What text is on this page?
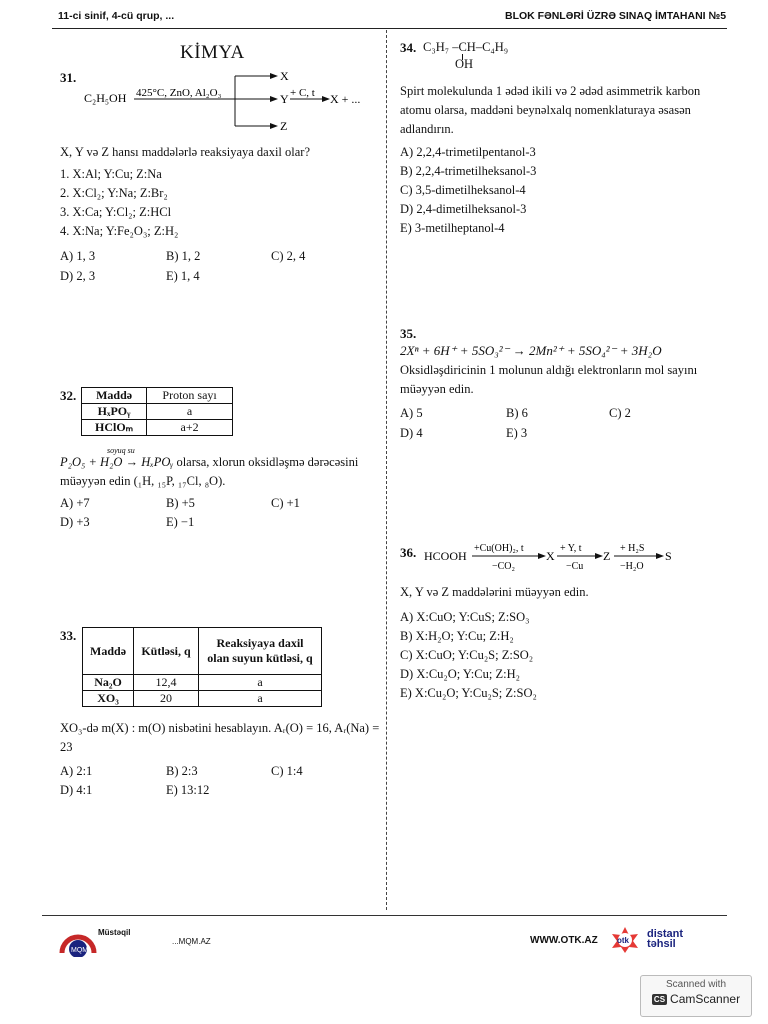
11-ci sinif, 4-cü qrup, ...	BLOK FƏNLƏRİ ÜZRƏ SINAQ İMTAHANI №5
KİMYA
31.
C₂H₅OH 425°C, ZnO, Al₂O₃
X
Y
Z
+ C, t X + ...
X, Y və Z hansı maddələrlə reaksiyaya daxil olar?
1. X:Al; Y:Cu; Z:Na
2. X:Cl₂; Y:Na; Z:Br₂
3. X:Ca; Y:Cl₂; Z:HCl
4. X:Na; Y:Fe₂O₃; Z:H₂
A) 1, 3	B) 1, 2	C) 2, 4
D) 2, 3	E) 1, 4
32. Maddə	Proton sayı
HₓPOᵧ	a
HClOₘ	a+2
soyuq su
P₂O₅ + H₂O → HₓPOᵧ olarsa, xlorun oksidləşmə dərəcəsini müəyyən edin (₁H, ₁₅P, ₁₇Cl, ₈O).
A) +7	B) +5	C) +1
D) +3	E) −1
33.
Maddə	Kütləsi, q	Reaksiyaya daxil olan suyun kütləsi, q
Na₂O	12,4	a
XO₃	20	a
XO₃-də m(X) : m(O) nisbətini hesablayın. Aᵣ(O) = 16, Aᵣ(Na) = 23
A) 2:1	B) 2:3	C) 1:4
D) 4:1	E) 13:12
34. C₃H₇ –CH–C₄H₉
OH
Spirt molekulunda 1 ədəd ikili və 2 ədəd asimmetrik karbon atomu olarsa, maddəni beynəlxalq nomenklaturaya əsasən adlandırın.
A) 2,2,4-trimetilpentanol-3
B) 2,2,4-trimetilheksanol-3
C) 3,5-dimetilheksanol-4
D) 2,4-dimetilheksanol-3
E) 3-metilheptanol-4
35.
2Xⁿ + 6H⁺ + 5SO₃²⁻ → 2Mn²⁺ + 5SO₄²⁻ + 3H₂O
Oksidləşdiricinin 1 molunun aldığı elektronların mol sayını müəyyən edin.
A) 5	B) 6	C) 2
D) 4	E) 3
36. HCOOH
+Cu(OH)₂, t
−CO₂
X
+ Y, t
−Cu
Z
+ H₂S
−H₂O
S
X, Y və Z maddələrini müəyyən edin.
A) X:CuO; Y:CuS; Z:SO₃
B) X:H₂O; Y:Cu; Z:H₂
C) X:CuO; Y:Cu₂S; Z:SO₂
D) X:Cu₂O; Y:Cu; Z:H₂
E) X:Cu₂O; Y:Cu₂S; Z:SO₂
MQM
Müstəqil
...MQM.AZ	WWW.OTK.AZ otk
distant
təhsil
Scanned with
CS CamScanner
